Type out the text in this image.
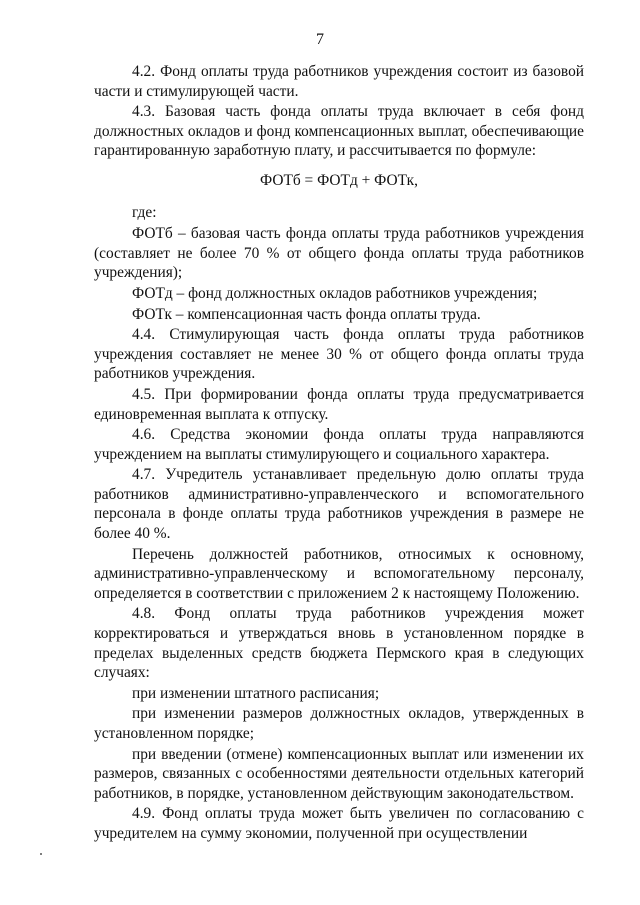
7

4.2. Фонд оплаты труда работников учреждения состоит из базовой части и стимулирующей части.

4.3. Базовая часть фонда оплаты труда включает в себя фонд должностных окладов и фонд компенсационных выплат, обеспечивающие гарантированную заработную плату, и рассчитывается по формуле:

ФОТб = ФОТд + ФОТк,

где:

ФОТб – базовая часть фонда оплаты труда работников учреждения (составляет не более 70 % от общего фонда оплаты труда работников учреждения);

ФОТд – фонд должностных окладов работников учреждения;

ФОТк – компенсационная часть фонда оплаты труда.

4.4. Стимулирующая часть фонда оплаты труда работников учреждения составляет не менее 30 % от общего фонда оплаты труда работников учреждения.

4.5. При формировании фонда оплаты труда предусматривается единовременная выплата к отпуску.

4.6. Средства экономии фонда оплаты труда направляются учреждением на выплаты стимулирующего и социального характера.

4.7. Учредитель устанавливает предельную долю оплаты труда работников административно-управленческого и вспомогательного персонала в фонде оплаты труда работников учреждения в размере не более 40 %.

Перечень должностей работников, относимых к основному, административно-управленческому и вспомогательному персоналу, определяется в соответствии с приложением 2 к настоящему Положению.

4.8. Фонд оплаты труда работников учреждения может корректироваться и утверждаться вновь в установленном порядке в пределах выделенных средств бюджета Пермского края в следующих случаях:

при изменении штатного расписания;

при изменении размеров должностных окладов, утвержденных в установленном порядке;

при введении (отмене) компенсационных выплат или изменении их размеров, связанных с особенностями деятельности отдельных категорий работников, в порядке, установленном действующим законодательством.

4.9. Фонд оплаты труда может быть увеличен по согласованию с учредителем на сумму экономии, полученной при осуществлении
